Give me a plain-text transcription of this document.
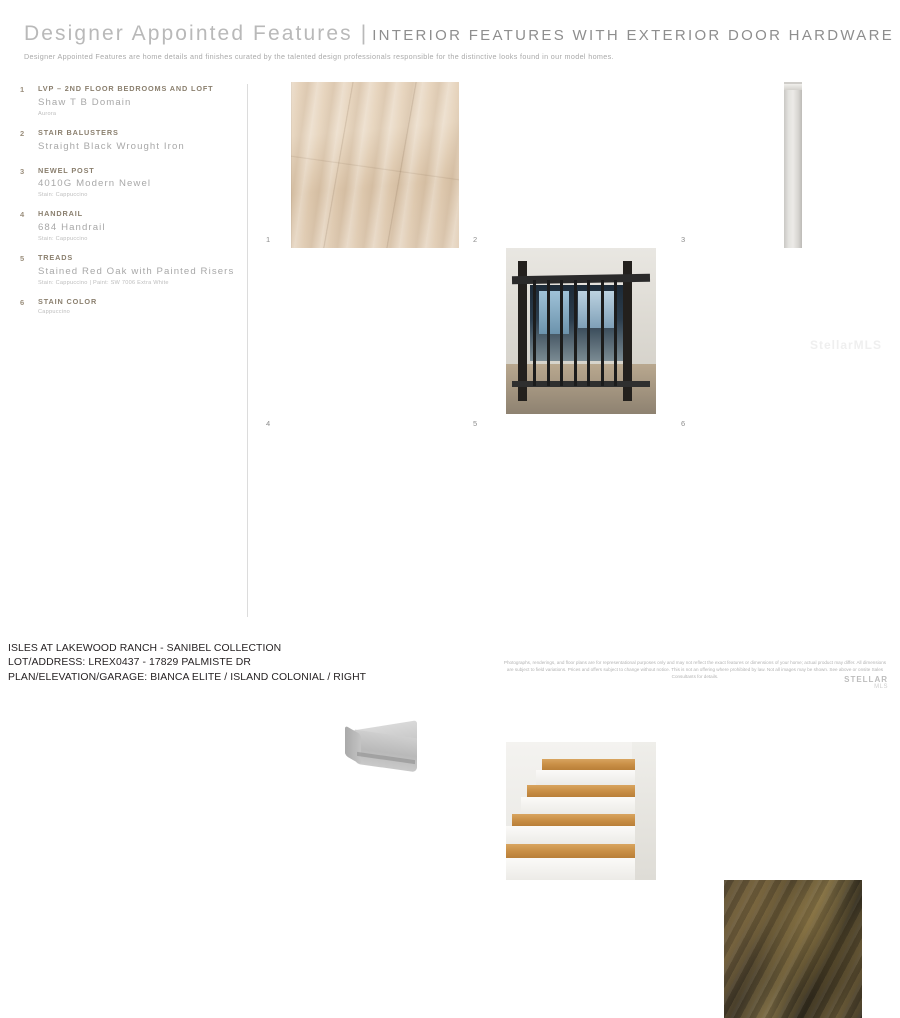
Designer Appointed Features | INTERIOR FEATURES WITH EXTERIOR DOOR HARDWARE
Designer Appointed Features are home details and finishes curated by the talented design professionals responsible for the distinctive looks found in our model homes.
1	LVP – 2ND FLOOR BEDROOMS AND LOFT
Shaw T B Domain
Aurora
2	STAIR BALUSTERS
Straight Black Wrought Iron
3	NEWEL POST
4010G Modern Newel
Stain: Cappuccino
4	HANDRAIL
684 Handrail
Stain: Cappuccino
5	TREADS
Stained Red Oak with Painted Risers
Stain: Cappuccino | Paint: SW 7006 Extra White
6	STAIN COLOR
Cappuccino
1	2	3
4	5	6
StellarMLS
ISLES AT LAKEWOOD RANCH - SANIBEL COLLECTION
LOT/ADDRESS: LREX0437 - 17829 PALMISTE DR
PLAN/ELEVATION/GARAGE: BIANCA ELITE / ISLAND COLONIAL / RIGHT
Photographs, renderings, and floor plans are for representational purposes only and may not reflect the exact features or dimensions of your home; actual product may differ. All dimensions are subject to field variations. Prices and offers subject to change without notice. This is not an offering where prohibited by law. Not all images may be shown. See above or onsite Sales Consultants for details.	STELLAR
MLS
